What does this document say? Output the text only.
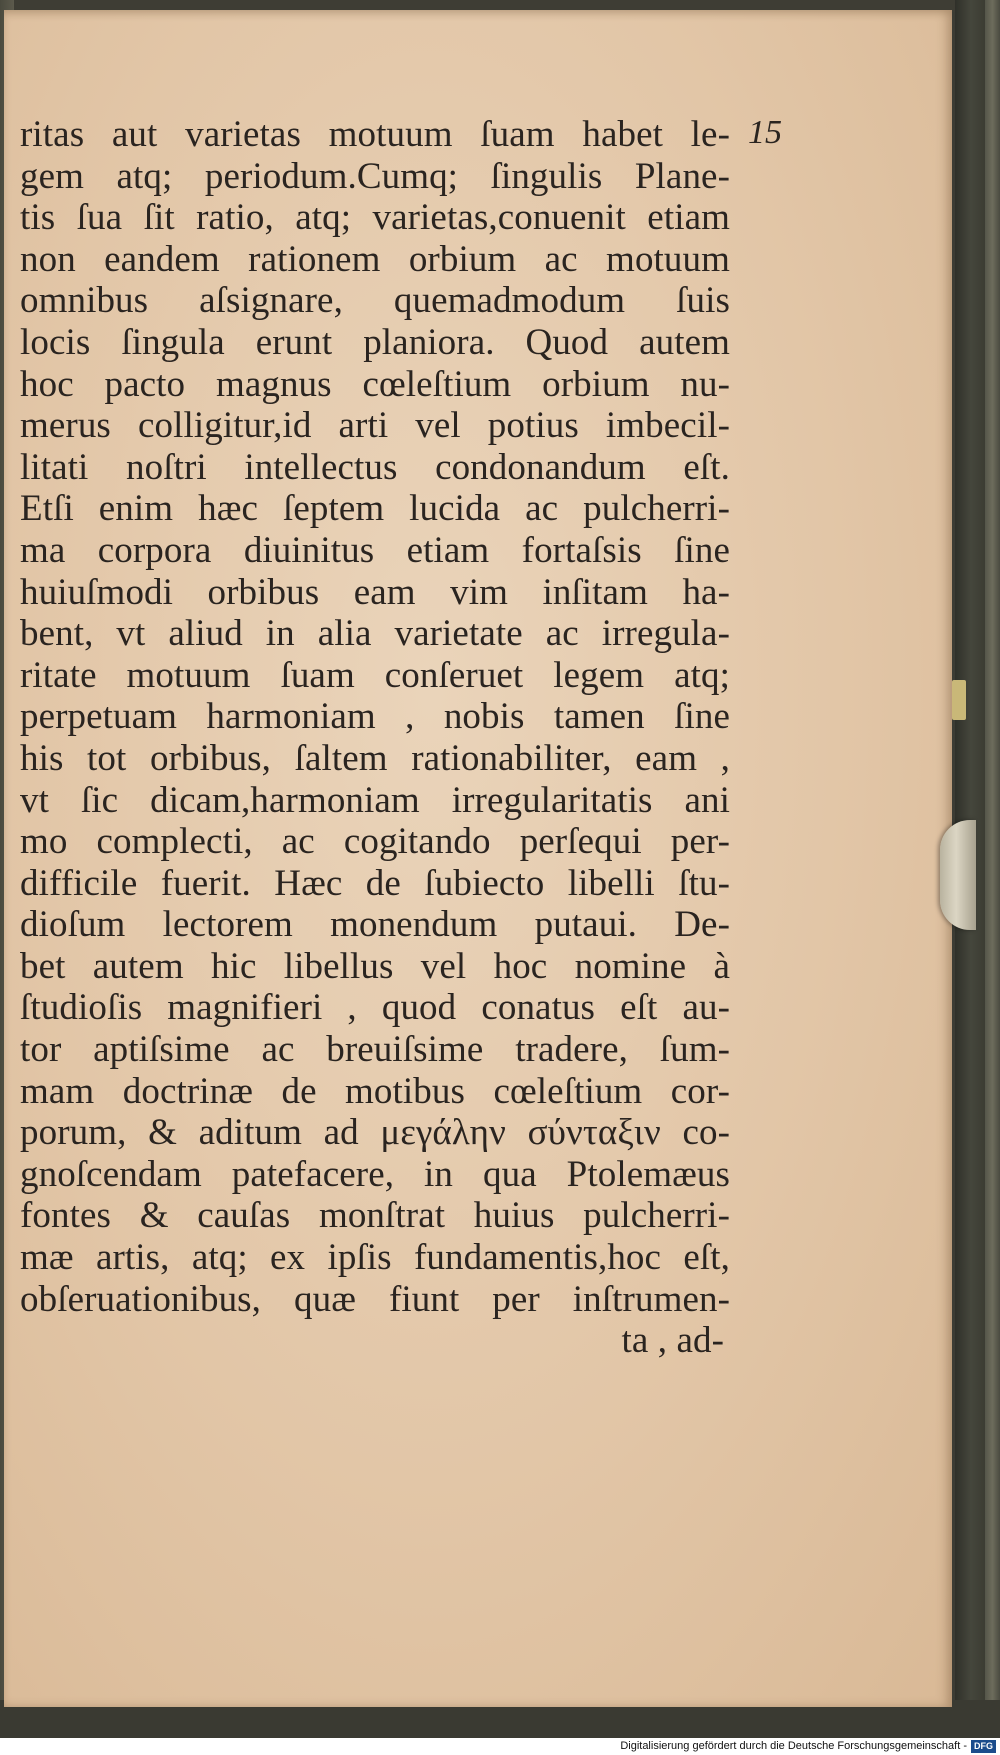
15
ritas aut varietas motuum ſuam habet le-
gem atq; periodum.Cumq; ſingulis Plane-
tis ſua ſit ratio, atq; varietas,conuenit etiam
non eandem rationem orbium ac motuum
omnibus aſsignare, quemadmodum ſuis
locis ſingula erunt planiora. Quod autem
hoc pacto magnus cœleſtium orbium nu-
merus colligitur,id arti vel potius imbecil-
litati noſtri intellectus condonandum eſt.
Etſi enim hæc ſeptem lucida ac pulcherri-
ma corpora diuinitus etiam fortaſsis ſine
huiuſmodi orbibus eam vim inſitam ha-
bent, vt aliud in alia varietate ac irregula-
ritate motuum ſuam conſeruet legem atq;
perpetuam harmoniam , nobis tamen ſine
his tot orbibus, ſaltem rationabiliter, eam ,
vt ſic dicam,harmoniam irregularitatis ani
mo complecti, ac cogitando perſequi per-
difficile fuerit. Hæc de ſubiecto libelli ſtu-
dioſum lectorem monendum putaui. De-
bet autem hic libellus vel hoc nomine à
ſtudioſis magnifieri , quod conatus eſt au-
tor aptiſsime ac breuiſsime tradere, ſum-
mam doctrinæ de motibus cœleſtium cor-
porum, & aditum ad μεγάλην σύνταξιν co-
gnoſcendam patefacere, in qua Ptolemæus
fontes & cauſas monſtrat huius pulcherri-
mæ artis, atq; ex ipſis fundamentis,hoc eſt,
obſeruationibus, quæ fiunt per inſtrumen-
ta , ad-
Digitalisierung gefördert durch die Deutsche Forschungsgemeinschaft - DFG
